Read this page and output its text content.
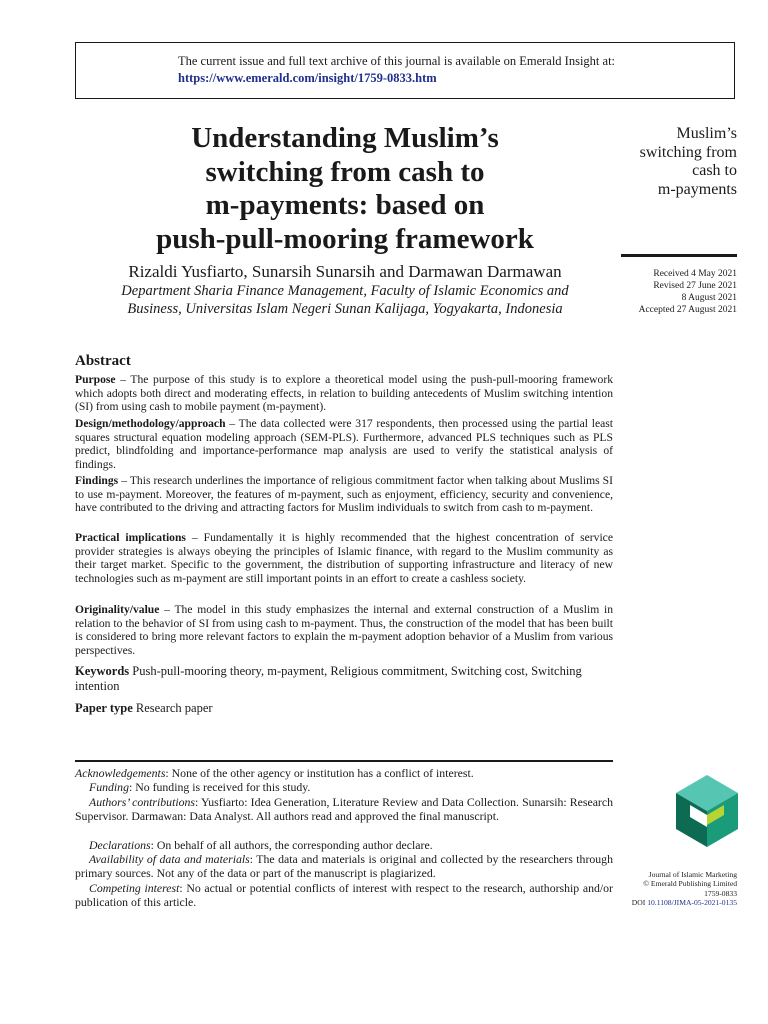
The current issue and full text archive of this journal is available on Emerald Insight at:
https://www.emerald.com/insight/1759-0833.htm
Understanding Muslim’s
switching from cash to
m-payments: based on
push-pull-mooring framework
Rizaldi Yusfiarto, Sunarsih Sunarsih and Darmawan Darmawan
Department Sharia Finance Management, Faculty of Islamic Economics and
Business, Universitas Islam Negeri Sunan Kalijaga, Yogyakarta, Indonesia
Muslim’s
switching from
cash to
m-payments
Received 4 May 2021
Revised 27 June 2021
8 August 2021
Accepted 27 August 2021
Abstract
Purpose – The purpose of this study is to explore a theoretical model using the push-pull-mooring framework which adopts both direct and moderating effects, in relation to building antecedents of Muslim switching intention (SI) from using cash to mobile payment (m-payment).
Design/methodology/approach – The data collected were 317 respondents, then processed using the partial least squares structural equation modeling approach (SEM-PLS). Furthermore, advanced PLS techniques such as PLS predict, blindfolding and importance-performance map analysis are used to verify the statistical analysis of findings.
Findings – This research underlines the importance of religious commitment factor when talking about Muslims SI to use m-payment. Moreover, the features of m-payment, such as enjoyment, efficiency, security and convenience, have contributed to the driving and attracting factors for Muslim individuals to switch from cash to m-payment.
Practical implications – Fundamentally it is highly recommended that the highest concentration of service provider strategies is always obeying the principles of Islamic finance, with regard to the Muslim community as their target market. Specific to the government, the distribution of supporting infrastructure and literacy of new technologies such as m-payment are still important points in an effort to create a cashless society.
Originality/value – The model in this study emphasizes the internal and external construction of a Muslim in relation to the behavior of SI from using cash to m-payment. Thus, the construction of the model that has been built is considered to bring more relevant factors to explain the m-payment adoption behavior of a Muslim from various perspectives.
Keywords Push-pull-mooring theory, m-payment, Religious commitment, Switching cost, Switching intention
Paper type Research paper
Acknowledgements: None of the other agency or institution has a conflict of interest.
Funding: No funding is received for this study.
Authors’ contributions: Yusfiarto: Idea Generation, Literature Review and Data Collection. Sunarsih: Research Supervisor. Darmawan: Data Analyst. All authors read and approved the final manuscript.
Declarations: On behalf of all authors, the corresponding author declare.
Availability of data and materials: The data and materials is original and collected by the researchers through primary sources. Not any of the data or part of the manuscript is plagiarized.
Competing interest: No actual or potential conflicts of interest with respect to the research, authorship and/or publication of this article.
Journal of Islamic Marketing
© Emerald Publishing Limited
1759-0833
DOI 10.1108/JIMA-05-2021-0135
